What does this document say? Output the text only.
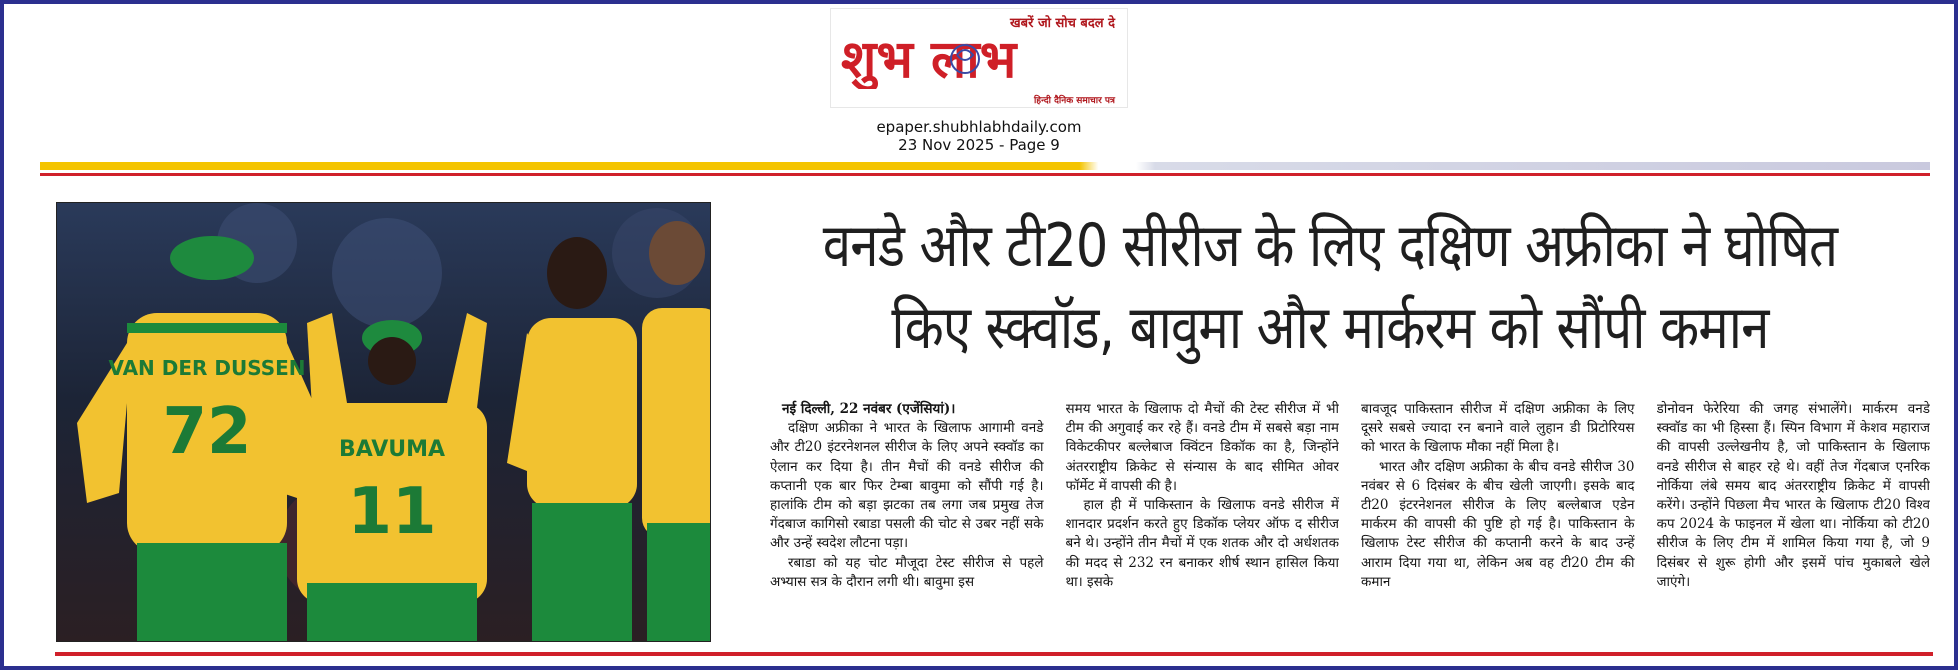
खबरें जो सोच बदल दे
शुभ लाभ
हिन्दी दैनिक समाचार पत्र
epaper.shubhlabhdaily.com
23 Nov 2025 - Page 9
VAN DER DUSSEN
72	BAVUMA
11
वनडे और टी20 सीरीज के लिए दक्षिण अफ्रीका ने घोषित
किए स्क्वॉड, बावुमा और मार्करम को सौंपी कमान
नई दिल्ली, 22 नवंबर (एजेंसियां)।

दक्षिण अफ्रीका ने भारत के खिलाफ आगामी वनडे और टी20 इंटरनेशनल सीरीज के लिए अपने स्क्वॉड का ऐलान कर दिया है। तीन मैचों की वनडे सीरीज की कप्तानी एक बार फिर टेम्बा बावुमा को सौंपी गई है। हालांकि टीम को बड़ा झटका तब लगा जब प्रमुख तेज गेंदबाज कागिसो रबाडा पसली की चोट से उबर नहीं सके और उन्हें स्वदेश लौटना पड़ा।

रबाडा को यह चोट मौजूदा टेस्ट सीरीज से पहले अभ्यास सत्र के दौरान लगी थी। बावुमा इस

समय भारत के खिलाफ दो मैचों की टेस्ट सीरीज में भी टीम की अगुवाई कर रहे हैं। वनडे टीम में सबसे बड़ा नाम विकेटकीपर बल्लेबाज क्विंटन डिकॉक का है, जिन्होंने अंतरराष्ट्रीय क्रिकेट से संन्यास के बाद सीमित ओवर फॉर्मेट में वापसी की है।

हाल ही में पाकिस्तान के खिलाफ वनडे सीरीज में शानदार प्रदर्शन करते हुए डिकॉक प्लेयर ऑफ द सीरीज बने थे। उन्होंने तीन मैचों में एक शतक और दो अर्धशतक की मदद से 232 रन बनाकर शीर्ष स्थान हासिल किया था। इसके

बावजूद पाकिस्तान सीरीज में दक्षिण अफ्रीका के लिए दूसरे सबसे ज्यादा रन बनाने वाले लुहान डी प्रिटोरियस को भारत के खिलाफ मौका नहीं मिला है।

भारत और दक्षिण अफ्रीका के बीच वनडे सीरीज 30 नवंबर से 6 दिसंबर के बीच खेली जाएगी। इसके बाद टी20 इंटरनेशनल सीरीज के लिए बल्लेबाज एडेन मार्करम की वापसी की पुष्टि हो गई है। पाकिस्तान के खिलाफ टेस्ट सीरीज की कप्तानी करने के बाद उन्हें आराम दिया गया था, लेकिन अब वह टी20 टीम की कमान

डोनोवन फेरेरिया की जगह संभालेंगे। मार्करम वनडे स्क्वॉड का भी हिस्सा हैं। स्पिन विभाग में केशव महाराज की वापसी उल्लेखनीय है, जो पाकिस्तान के खिलाफ वनडे सीरीज से बाहर रहे थे। वहीं तेज गेंदबाज एनरिक नोर्किया लंबे समय बाद अंतरराष्ट्रीय क्रिकेट में वापसी करेंगे। उन्होंने पिछला मैच भारत के खिलाफ टी20 विश्व कप 2024 के फाइनल में खेला था। नोर्किया को टी20 सीरीज के लिए टीम में शामिल किया गया है, जो 9 दिसंबर से शुरू होगी और इसमें पांच मुकाबले खेले जाएंगे।
